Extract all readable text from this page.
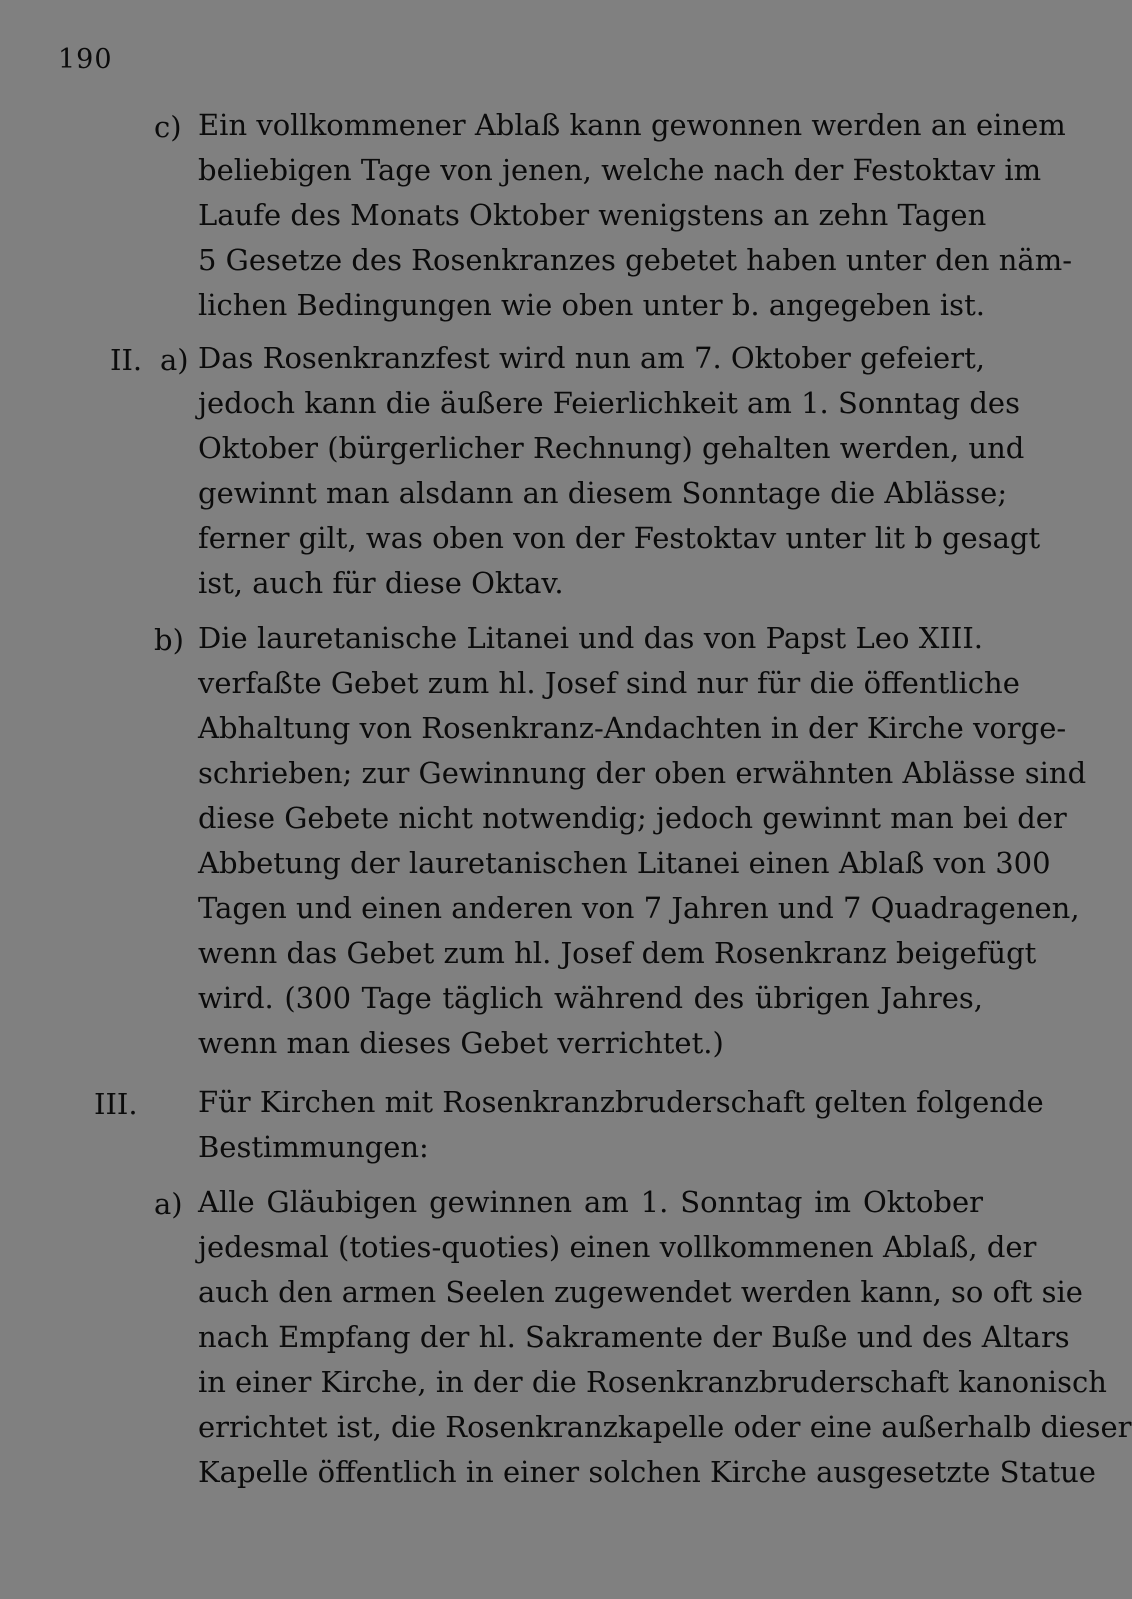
190
c) Ein vollkommener Ablaß kann gewonnen werden an einem
beliebigen Tage von jenen, welche nach der Festoktav im
Laufe des Monats Oktober wenigstens an zehn Tagen
5 Gesetze des Rosenkranzes gebetet haben unter den näm-
lichen Bedingungen wie oben unter b. angegeben ist.
II. a) Das Rosenkranzfest wird nun am 7. Oktober gefeiert,
jedoch kann die äußere Feierlichkeit am 1. Sonntag des
Oktober (bürgerlicher Rechnung) gehalten werden, und
gewinnt man alsdann an diesem Sonntage die Ablässe;
ferner gilt, was oben von der Festoktav unter lit b gesagt
ist, auch für diese Oktav.
b) Die lauretanische Litanei und das von Papst Leo XIII.
verfaßte Gebet zum hl. Josef sind nur für die öffentliche
Abhaltung von Rosenkranz-Andachten in der Kirche vorge-
schrieben; zur Gewinnung der oben erwähnten Ablässe sind
diese Gebete nicht notwendig; jedoch gewinnt man bei der
Abbetung der lauretanischen Litanei einen Ablaß von 300
Tagen und einen anderen von 7 Jahren und 7 Quadragenen,
wenn das Gebet zum hl. Josef dem Rosenkranz beigefügt
wird. (300 Tage täglich während des übrigen Jahres,
wenn man dieses Gebet verrichtet.)
III. Für Kirchen mit Rosenkranzbruderschaft gelten folgende
Bestimmungen:
a) Alle Gläubigen gewinnen am 1. Sonntag im Oktober
jedesmal (toties-quoties) einen vollkommenen Ablaß, der
auch den armen Seelen zugewendet werden kann, so oft sie
nach Empfang der hl. Sakramente der Buße und des Altars
in einer Kirche, in der die Rosenkranzbruderschaft kanonisch
errichtet ist, die Rosenkranzkapelle oder eine außerhalb dieser
Kapelle öffentlich in einer solchen Kirche ausgesetzte Statue
